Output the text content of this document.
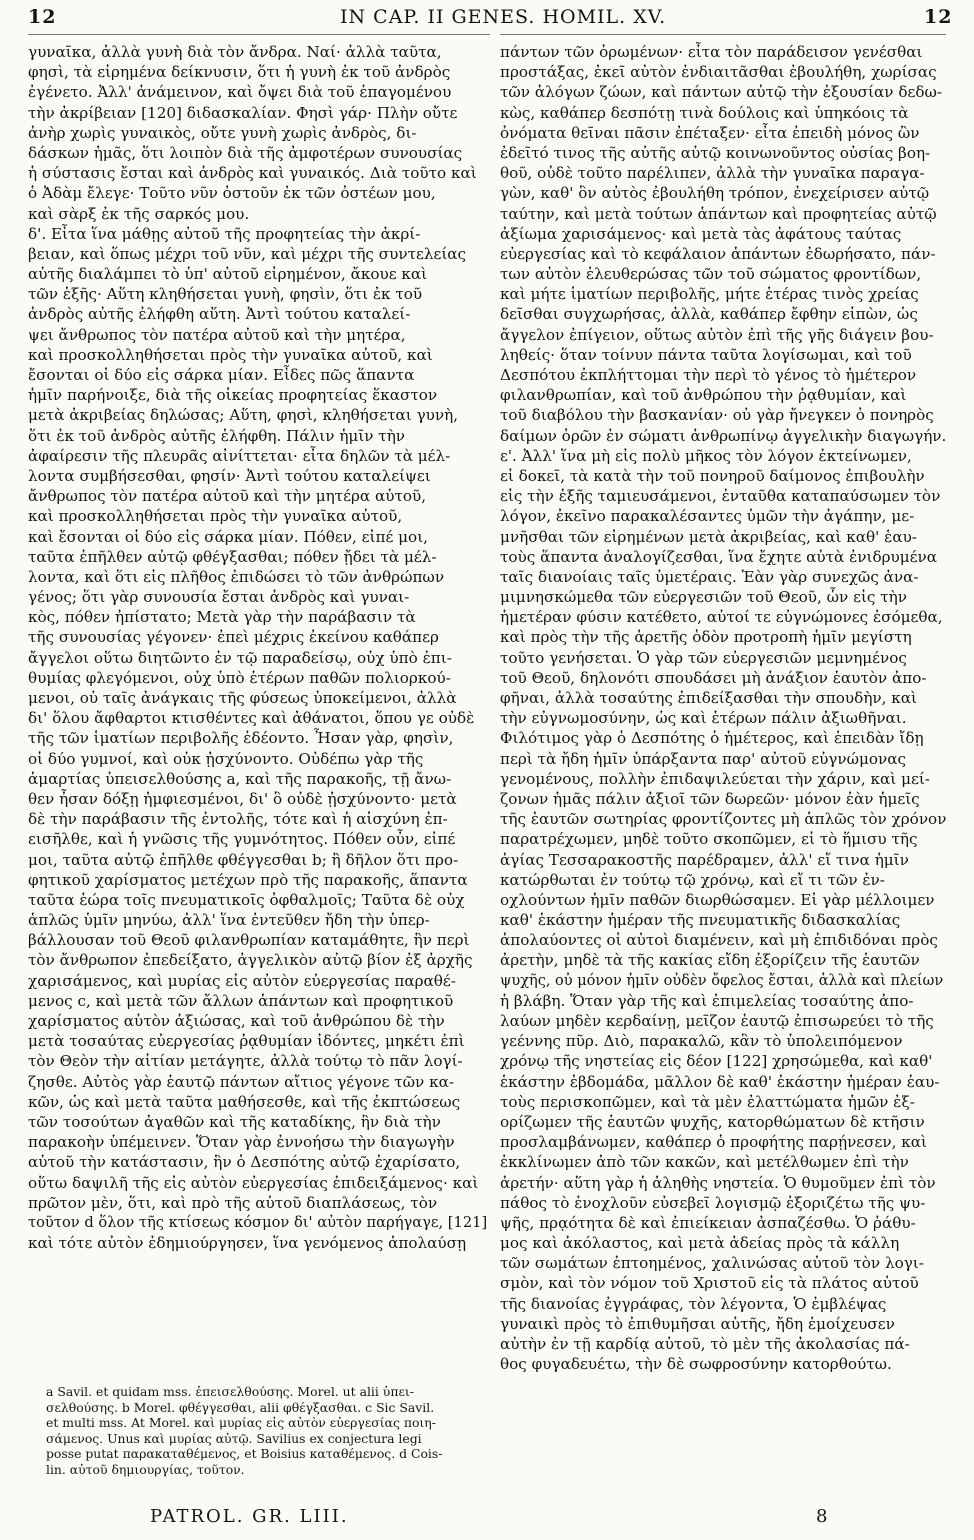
12	IN CAP. II GENES. HOMIL. XV.	12
γυναῖκα, ἀλλὰ γυνὴ διὰ τὸν ἄνδρα. Ναί· ἀλλὰ ταῦτα,
φησὶ, τὰ εἰρημένα δείκνυσιν, ὅτι ἡ γυνὴ ἐκ τοῦ ἀνδρὸς
ἐγένετο. Ἀλλ' ἀνάμεινον, καὶ ὄψει διὰ τοῦ ἐπαγομένου
τὴν ἀκρίβειαν [120] διδασκαλίαν. Φησὶ γάρ· Πλὴν οὔτε
ἀνὴρ χωρὶς γυναικὸς, οὔτε γυνὴ χωρὶς ἀνδρὸς, δι-
δάσκων ἡμᾶς, ὅτι λοιπὸν διὰ τῆς ἀμφοτέρων συνουσίας
ἡ σύστασις ἔσται καὶ ἀνδρὸς καὶ γυναικός. Διὰ τοῦτο καὶ
ὁ Ἀδὰμ ἔλεγε· Τοῦτο νῦν ὀστοῦν ἐκ τῶν ὀστέων μου,
καὶ σὰρξ ἐκ τῆς σαρκός μου.
δ'. Εἶτα ἵνα μάθῃς αὐτοῦ τῆς προφητείας τὴν ἀκρί-
βειαν, καὶ ὅπως μέχρι τοῦ νῦν, καὶ μέχρι τῆς συντελείας
αὐτῆς διαλάμπει τὸ ὑπ' αὐτοῦ εἰρημένον, ἄκουε καὶ
τῶν ἑξῆς· Αὕτη κληθήσεται γυνὴ, φησὶν, ὅτι ἐκ τοῦ
ἀνδρὸς αὐτῆς ἐλήφθη αὕτη. Ἀντὶ τούτου καταλεί-
ψει ἄνθρωπος τὸν πατέρα αὐτοῦ καὶ τὴν μητέρα,
καὶ προσκολληθήσεται πρὸς τὴν γυναῖκα αὐτοῦ, καὶ
ἔσονται οἱ δύο εἰς σάρκα μίαν. Εἶδες πῶς ἅπαντα
ἡμῖν παρήνοιξε, διὰ τῆς οἰκείας προφητείας ἕκαστον
μετὰ ἀκριβείας δηλώσας; Αὕτη, φησὶ, κληθήσεται γυνὴ,
ὅτι ἐκ τοῦ ἀνδρὸς αὐτῆς ἐλήφθη. Πάλιν ἡμῖν τὴν
ἀφαίρεσιν τῆς πλευρᾶς αἰνίττεται· εἶτα δηλῶν τὰ μέλ-
λοντα συμβήσεσθαι, φησίν· Ἀντὶ τούτου καταλείψει
ἄνθρωπος τὸν πατέρα αὐτοῦ καὶ τὴν μητέρα αὐτοῦ,
καὶ προσκολληθήσεται πρὸς τὴν γυναῖκα αὐτοῦ,
καὶ ἔσονται οἱ δύο εἰς σάρκα μίαν. Πόθεν, εἰπέ μοι,
ταῦτα ἐπῆλθεν αὐτῷ φθέγξασθαι; πόθεν ᾔδει τὰ μέλ-
λοντα, καὶ ὅτι εἰς πλῆθος ἐπιδώσει τὸ τῶν ἀνθρώπων
γένος; ὅτι γὰρ συνουσία ἔσται ἀνδρὸς καὶ γυναι-
κὸς, πόθεν ἠπίστατο; Μετὰ γὰρ τὴν παράβασιν τὰ
τῆς συνουσίας γέγονεν· ἐπεὶ μέχρις ἐκείνου καθάπερ
ἄγγελοι οὕτω διητῶντο ἐν τῷ παραδείσῳ, οὐχ ὑπὸ ἐπι-
θυμίας φλεγόμενοι, οὐχ ὑπὸ ἑτέρων παθῶν πολιορκού-
μενοι, οὐ ταῖς ἀνάγκαις τῆς φύσεως ὑποκείμενοι, ἀλλὰ
δι' ὅλου ἄφθαρτοι κτισθέντες καὶ ἀθάνατοι, ὅπου γε οὐδὲ
τῆς τῶν ἱματίων περιβολῆς ἐδέοντο. Ἦσαν γὰρ, φησὶν,
οἱ δύο γυμνοί, καὶ οὐκ ᾐσχύνοντο. Οὐδέπω γὰρ τῆς
ἁμαρτίας ὑπεισελθούσης a, καὶ τῆς παρακοῆς, τῇ ἄνω-
θεν ἦσαν δόξῃ ἠμφιεσμένοι, δι' ὃ οὐδὲ ᾐσχύνοντο· μετὰ
δὲ τὴν παράβασιν τῆς ἐντολῆς, τότε καὶ ἡ αἰσχύνη ἐπ-
εισῆλθε, καὶ ἡ γνῶσις τῆς γυμνότητος. Πόθεν οὖν, εἰπέ
μοι, ταῦτα αὐτῷ ἐπῆλθε φθέγγεσθαι b; ἢ δῆλον ὅτι προ-
φητικοῦ χαρίσματος μετέχων πρὸ τῆς παρακοῆς, ἅπαντα
ταῦτα ἑώρα τοῖς πνευματικοῖς ὀφθαλμοῖς; Ταῦτα δὲ οὐχ
ἁπλῶς ὑμῖν μηνύω, ἀλλ' ἵνα ἐντεῦθεν ἤδη τὴν ὑπερ-
βάλλουσαν τοῦ Θεοῦ φιλανθρωπίαν καταμάθητε, ἣν περὶ
τὸν ἄνθρωπον ἐπεδείξατο, ἀγγελικὸν αὐτῷ βίον ἐξ ἀρχῆς
χαρισάμενος, καὶ μυρίας εἰς αὐτὸν εὐεργεσίας παραθέ-
μενος c, καὶ μετὰ τῶν ἄλλων ἁπάντων καὶ προφητικοῦ
χαρίσματος αὐτὸν ἀξιώσας, καὶ τοῦ ἀνθρώπου δὲ τὴν
μετὰ τοσαύτας εὐεργεσίας ῥᾳθυμίαν ἰδόντες, μηκέτι ἐπὶ
τὸν Θεὸν τὴν αἰτίαν μετάγητε, ἀλλὰ τούτῳ τὸ πᾶν λογί-
ζησθε. Αὐτὸς γὰρ ἑαυτῷ πάντων αἴτιος γέγονε τῶν κα-
κῶν, ὡς καὶ μετὰ ταῦτα μαθήσεσθε, καὶ τῆς ἐκπτώσεως
τῶν τοσούτων ἀγαθῶν καὶ τῆς καταδίκης, ἣν διὰ τὴν
παρακοὴν ὑπέμεινεν. Ὅταν γὰρ ἐννοήσω τὴν διαγωγὴν
αὐτοῦ τὴν κατάστασιν, ἣν ὁ Δεσπότης αὐτῷ ἐχαρίσατο,
οὕτω δαψιλῆ τῆς εἰς αὐτὸν εὐεργεσίας ἐπιδειξάμενος· καὶ
πρῶτον μὲν, ὅτι, καὶ πρὸ τῆς αὐτοῦ διαπλάσεως, τὸν
τοῦτον d ὅλον τῆς κτίσεως κόσμον δι' αὐτὸν παρήγαγε, [121]
καὶ τότε αὐτὸν ἐδημιούργησεν, ἵνα γενόμενος ἀπολαύσῃ
πάντων τῶν ὁρωμένων· εἶτα τὸν παράδεισον γενέσθαι
προστάξας, ἐκεῖ αὐτὸν ἐνδιαιτᾶσθαι ἐβουλήθη, χωρίσας
τῶν ἀλόγων ζώων, καὶ πάντων αὐτῷ τὴν ἐξουσίαν δεδω-
κὼς, καθάπερ δεσπότῃ τινὰ δούλοις καὶ ὑπηκόοις τὰ
ὀνόματα θεῖναι πᾶσιν ἐπέταξεν· εἶτα ἐπειδὴ μόνος ὢν
ἐδεῖτό τινος τῆς αὐτῆς αὐτῷ κοινωνοῦντος οὐσίας βοη-
θοῦ, οὐδὲ τοῦτο παρέλιπεν, ἀλλὰ τὴν γυναῖκα παραγα-
γὼν, καθ' ὃν αὐτὸς ἐβουλήθη τρόπον, ἐνεχείρισεν αὐτῷ
ταύτην, καὶ μετὰ τούτων ἁπάντων καὶ προφητείας αὐτῷ
ἀξίωμα χαρισάμενος· καὶ μετὰ τὰς ἀφάτους ταύτας
εὐεργεσίας καὶ τὸ κεφάλαιον ἁπάντων ἐδωρήσατο, πάν-
των αὐτὸν ἐλευθερώσας τῶν τοῦ σώματος φροντίδων,
καὶ μήτε ἱματίων περιβολῆς, μήτε ἑτέρας τινὸς χρείας
δεῖσθαι συγχωρήσας, ἀλλὰ, καθάπερ ἔφθην εἰπὼν, ὡς
ἄγγελον ἐπίγειον, οὕτως αὐτὸν ἐπὶ τῆς γῆς διάγειν βου-
ληθείς· ὅταν τοίνυν πάντα ταῦτα λογίσωμαι, καὶ τοῦ
Δεσπότου ἐκπλήττομαι τὴν περὶ τὸ γένος τὸ ἡμέτερον
φιλανθρωπίαν, καὶ τοῦ ἀνθρώπου τὴν ῥᾳθυμίαν, καὶ
τοῦ διαβόλου τὴν βασκανίαν· οὐ γὰρ ἤνεγκεν ὁ πονηρὸς
δαίμων ὁρῶν ἐν σώματι ἀνθρωπίνῳ ἀγγελικὴν διαγωγήν.
ε'. Ἀλλ' ἵνα μὴ εἰς πολὺ μῆκος τὸν λόγον ἐκτείνωμεν,
εἰ δοκεῖ, τὰ κατὰ τὴν τοῦ πονηροῦ δαίμονος ἐπιβουλὴν
εἰς τὴν ἑξῆς ταμιευσάμενοι, ἐνταῦθα καταπαύσωμεν τὸν
λόγον, ἐκεῖνο παρακαλέσαντες ὑμῶν τὴν ἀγάπην, με-
μνῆσθαι τῶν εἰρημένων μετὰ ἀκριβείας, καὶ καθ' ἑαυ-
τοὺς ἅπαντα ἀναλογίζεσθαι, ἵνα ἔχητε αὐτὰ ἐνιδρυμένα
ταῖς διανοίαις ταῖς ὑμετέραις. Ἐὰν γὰρ συνεχῶς ἀνα-
μιμνησκώμεθα τῶν εὐεργεσιῶν τοῦ Θεοῦ, ὧν εἰς τὴν
ἡμετέραν φύσιν κατέθετο, αὐτοί τε εὐγνώμονες ἐσόμεθα,
καὶ πρὸς τὴν τῆς ἀρετῆς ὁδὸν προτροπὴ ἡμῖν μεγίστη
τοῦτο γενήσεται. Ὁ γὰρ τῶν εὐεργεσιῶν μεμνημένος
τοῦ Θεοῦ, δηλονότι σπουδάσει μὴ ἀνάξιον ἑαυτὸν ἀπο-
φῆναι, ἀλλὰ τοσαύτης ἐπιδείξασθαι τὴν σπουδὴν, καὶ
τὴν εὐγνωμοσύνην, ὡς καὶ ἑτέρων πάλιν ἀξιωθῆναι.
Φιλότιμος γὰρ ὁ Δεσπότης ὁ ἡμέτερος, καὶ ἐπειδὰν ἴδῃ
περὶ τὰ ἤδη ἡμῖν ὑπάρξαντα παρ' αὐτοῦ εὐγνώμονας
γενομένους, πολλὴν ἐπιδαψιλεύεται τὴν χάριν, καὶ μεί-
ζονων ἡμᾶς πάλιν ἀξιοῖ τῶν δωρεῶν· μόνον ἐὰν ἡμεῖς
τῆς ἑαυτῶν σωτηρίας φροντίζοντες μὴ ἁπλῶς τὸν χρόνον
παρατρέχωμεν, μηδὲ τοῦτο σκοπῶμεν, εἰ τὸ ἥμισυ τῆς
ἁγίας Τεσσαρακοστῆς παρέδραμεν, ἀλλ' εἴ τινα ἡμῖν
κατώρθωται ἐν τούτῳ τῷ χρόνῳ, καὶ εἴ τι τῶν ἐν-
οχλούντων ἡμῖν παθῶν διωρθώσαμεν. Εἰ γὰρ μέλλοιμεν
καθ' ἑκάστην ἡμέραν τῆς πνευματικῆς διδασκαλίας
ἀπολαύοντες οἱ αὐτοὶ διαμένειν, καὶ μὴ ἐπιδιδόναι πρὸς
ἀρετὴν, μηδὲ τὰ τῆς κακίας εἴδη ἐξορίζειν τῆς ἑαυτῶν
ψυχῆς, οὐ μόνον ἡμῖν οὐδὲν ὄφελος ἔσται, ἀλλὰ καὶ πλείων
ἡ βλάβη. Ὅταν γὰρ τῆς καὶ ἐπιμελείας τοσαύτης ἀπο-
λαύων μηδὲν κερδαίνῃ, μεῖζον ἑαυτῷ ἐπισωρεύει τὸ τῆς
γεέννης πῦρ. Διὸ, παρακαλῶ, κἂν τὸ ὑπολειπόμενον
χρόνῳ τῆς νηστείας εἰς δέον [122] χρησώμεθα, καὶ καθ'
ἑκάστην ἑβδομάδα, μᾶλλον δὲ καθ' ἑκάστην ἡμέραν ἑαυ-
τοὺς περισκοπῶμεν, καὶ τὰ μὲν ἐλαττώματα ἡμῶν ἐξ-
ορίζωμεν τῆς ἑαυτῶν ψυχῆς, κατορθώματων δὲ κτῆσιν
προσλαμβάνωμεν, καθάπερ ὁ προφήτης παρῄνεσεν, καὶ
ἐκκλίνωμεν ἀπὸ τῶν κακῶν, καὶ μετέλθωμεν ἐπὶ τὴν
ἀρετήν· αὕτη γὰρ ἡ ἀληθὴς νηστεία. Ὁ θυμοῦμεν ἐπὶ τὸν
πάθος τὸ ἐνοχλοῦν εὐσεβεῖ λογισμῷ ἐξοριζέτω τῆς ψυ-
ψῆς, πρᾳότητα δὲ καὶ ἐπιείκειαν ἀσπαζέσθω. Ὁ ῥάθυ-
μος καὶ ἀκόλαστος, καὶ μετὰ ἀδείας πρὸς τὰ κάλλη
τῶν σωμάτων ἐπτοημένος, χαλινώσας αὐτοῦ τὸν λογι-
σμὸν, καὶ τὸν νόμον τοῦ Χριστοῦ εἰς τὰ πλάτος αὐτοῦ
τῆς διανοίας ἐγγράφας, τὸν λέγοντα, Ὁ ἐμβλέψας
γυναικὶ πρὸς τὸ ἐπιθυμῆσαι αὐτῆς, ἤδη ἐμοίχευσεν
αὐτὴν ἐν τῇ καρδίᾳ αὐτοῦ, τὸ μὲν τῆς ἀκολασίας πά-
θος φυγαδευέτω, τὴν δὲ σωφροσύνην κατορθούτω.
a Savil. et quidam mss. ἐπεισελθούσης. Morel. ut alii ὑπει-
σελθούσης. b Morel. φθέγγεσθαι, alii φθέγξασθαι. c Sic Savil.
et multi mss. At Morel. καὶ μυρίας εἰς αὐτὸν εὐεργεσίας ποιη-
σάμενος. Unus καὶ μυρίας αὐτῷ. Savilius ex conjectura legi
posse putat παρακαταθέμενος, et Boisius καταθέμενος. d Cois-
lin. αὐτοῦ δημιουργίας, τοῦτον.
PATROL. GR. LIII.	8
